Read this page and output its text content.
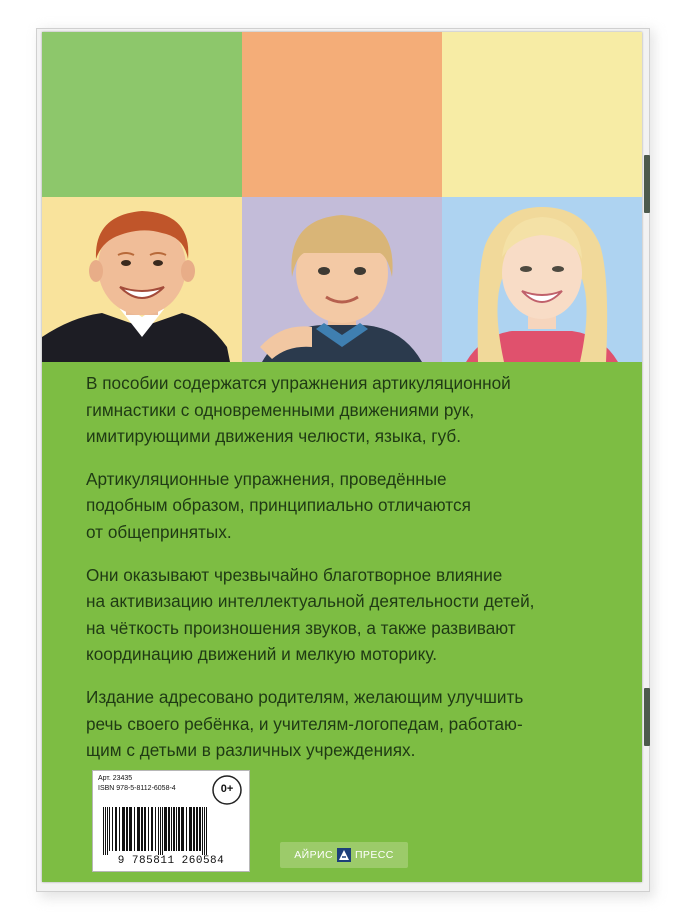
В пособии содержатся упражнения артикуляционной
гимнастики с одновременными движениями рук,
имитирующими движения челюсти, языка, губ.

Артикуляционные упражнения, проведённые
подобным образом, принципиально отличаются
от общепринятых.

Они оказывают чрезвычайно благотворное влияние
на активизацию интеллектуальной деятельности детей,
на чёткость произношения звуков, а также развивают
координацию движений и мелкую моторику.

Издание адресовано родителям, желающим улучшить
речь своего ребёнка, и учителям-логопедам, работаю-
щим с детьми в различных учреждениях.

Арт. 23435
ISBN 978-5-8112-6058-4	0+
9 785811 260584	АЙРИС ПРЕСС
